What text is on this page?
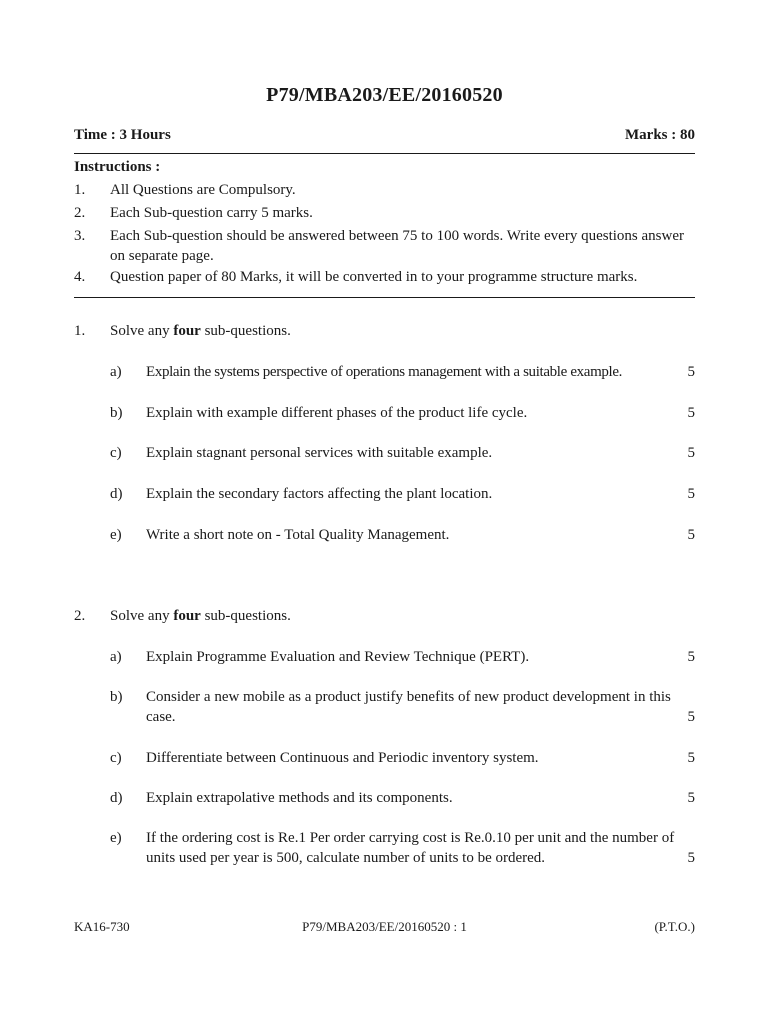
P79/MBA203/EE/20160520
Time : 3 Hours	Marks : 80
Instructions :
1. All Questions are Compulsory.
2. Each Sub-question carry 5 marks.
3. Each Sub-question should be answered between 75 to 100 words. Write every questions answer on separate page.
4. Question paper of 80 Marks, it will be converted in to your programme structure marks.
1. Solve any four sub-questions.
a) Explain the systems perspective of operations management with a suitable example.	5
b) Explain with example different phases of the product life cycle.	5
c) Explain stagnant personal services with suitable example.	5
d) Explain the secondary factors affecting the plant location.	5
e) Write a short note on - Total Quality Management.	5
2. Solve any four sub-questions.
a) Explain Programme Evaluation and Review Technique (PERT).	5
b) Consider a new mobile as a product justify benefits of new product development in this case.	5
c) Differentiate between Continuous and Periodic inventory system.	5
d) Explain extrapolative methods and its components.	5
e) If the ordering cost is Re.1 Per order carrying cost is Re.0.10 per unit and the number of units used per year is 500, calculate number of units to be ordered.	5
KA16-730	P79/MBA203/EE/20160520 : 1	(P.T.O.)
